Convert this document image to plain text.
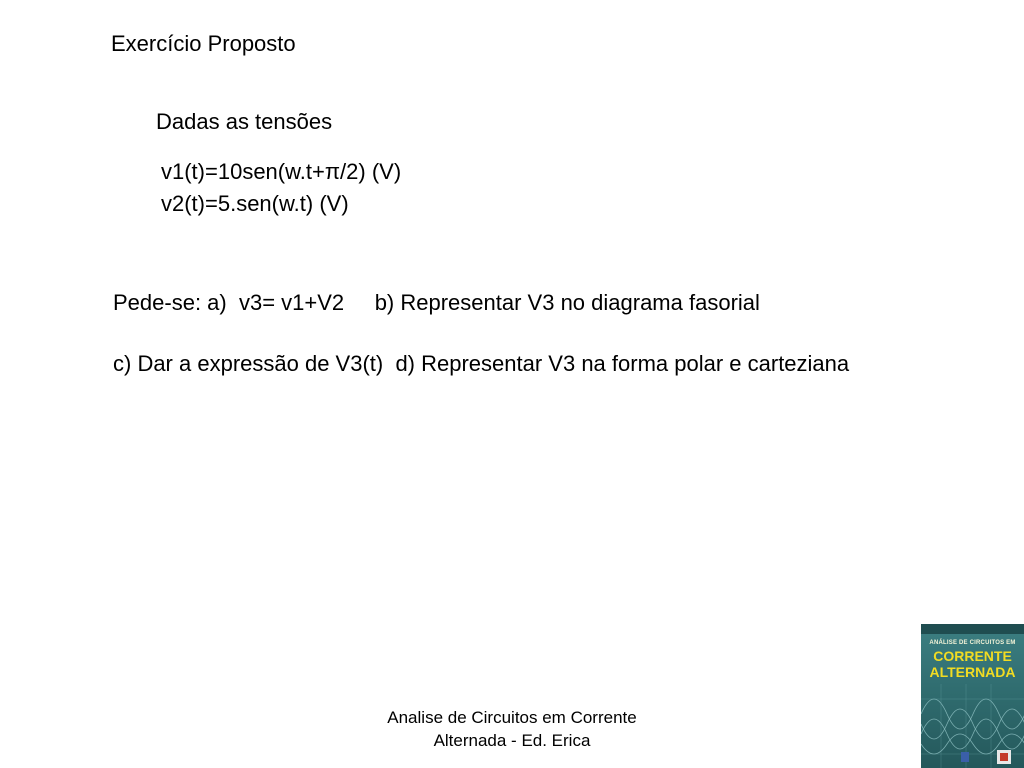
Exercício Proposto
Dadas as tensões
v1(t)=10sen(w.t+π/2) (V)
v2(t)=5.sen(w.t) (V)
Pede-se: a)  v3= v1+V2     b) Representar V3 no diagrama fasorial
c) Dar a expressão de V3(t)  d) Representar V3 na forma polar e carteziana
Analise de Circuitos em Corrente
Alternada - Ed. Erica
ANÁLISE DE CIRCUITOS EM
CORRENTE
ALTERNADA
